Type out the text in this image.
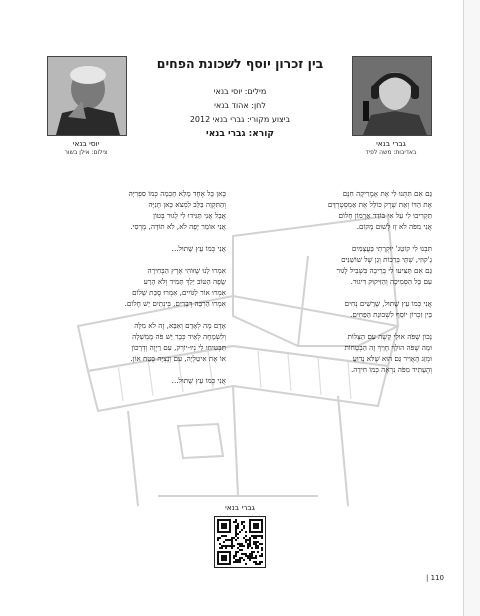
יוסי בנאי
צילום: אילן בשור
גברי בנאי
באדיבות: משה לפיד
בין זכרון יוסף לשכונת הפחים
מילים: יוסי בנאי
לחן: אהוד בנאי
ביצוע מקורי: גברי בנאי 2012
קורא: גברי בנאי
גַּם אִם תִּתְּנוּ לִי אֶת אָמֶרִיקָה חִנָּם
אֶת הַדּוֹ וְאֵת שֶׁרֶק כּוֹלֵל אֶת אַמְסְטֶרְדָּם
תַּקְרִיבוּ לִי עַל אִי בּוֹדֵד אַרְמוֹן חָלוֹם
אֲנִי מִפֹּה לֹא זָז לְשׁוּם מָקוֹם.
תִּבְנוּ לִי קוֹטֵג' יוּקְרָתִי בַּעֲצָמִים
גָ'קוּזִי, שְׁתֵּי בְּרֵכוֹת וְגַן שֶׁל שׁוֹשַׁנִּים
גַּם אִם תַּצִּיעוּ לִי בְּרֵיכָה בִּשְׁבִיל לָגוּר
עִם כָּל הַסְּמִיכָה וְהַזִּיקוּק דִּיגוּר.
אֲנִי כְּמוֹ עֵץ שָׁתוּל, שָׁרָשִׁים נְחִים
בֵּין זִכְרוֹן יוֹסֵף לִשְׁכוּנַת הַפַּחִים.
נָכוֹן שֶׁפֹּה אוּלַי קָשֶׁה עִם הַצָּלוֹת
וּמָה שֶׁפֹּה הוֹלֵךְ חָוֵיךְ זֶה הַבְטָחוֹת
וּמְזַג הָאֲוִיר גַּם הוּא שֶׁלֹּא נָדוּעַ
וְהֶעָתִיד מִפֹּה נִרְאֶה כְּמוֹ חִידָה.
כָּאן כָּל אֶחָד מָלֵא חָכְמָה כְּמוֹ סִפְרִיָּה
וְהַתִּקְוָה בַּלֵּב לִמְצֹא כָּאן חָנִיָּה
אֲבָל אֲנִי תַּגִּידוּ לִי לָגוּר בְּטוֹן
אֲנִי אוֹמֵר יָפֶה לֹא, לֹא תוֹדָה, מֶרְסִי.
אֲנִי כְּמוֹ עֵץ שָׁתוּל...
אִמְרוּ לָנוּ שֶׁזּוֹהִי אֶרֶץ הַבְּחִירָה
שָׂפָה הַטּוֹב יֵלֵךְ תָּמִיד וְלֹא הָרַע
אִמְרוּ אוֹר לַגּוֹיִים, אִמְרוּ סֻכַּת שָׁלוֹם
אִמְרוּ הַרְבֵּה דְּבָרִים, בְּינְתַיִם יֵשׁ חָלוֹם.
אָדָם מָה לְאָדָם וְאִבָּא, זֶה לֹא מִלָּה
וְלִשְׂמָחָה לְאֵיד כְּבָר יֵשׁ פֹּה מֶמְשָׁלָה
תַּבְטִיחוּ לִי נְיוּ-יוֹרְק, עִם רַיְוֶה וְדְרָכוֹן
אוֹ אֶת אִיטַלְיָה, עִם וְנֶצְיָה בֶּטַח אוֹן.
אֲנִי כְּמוֹ עֵץ שָׁתוּל...
גברי בנאי
| 110
